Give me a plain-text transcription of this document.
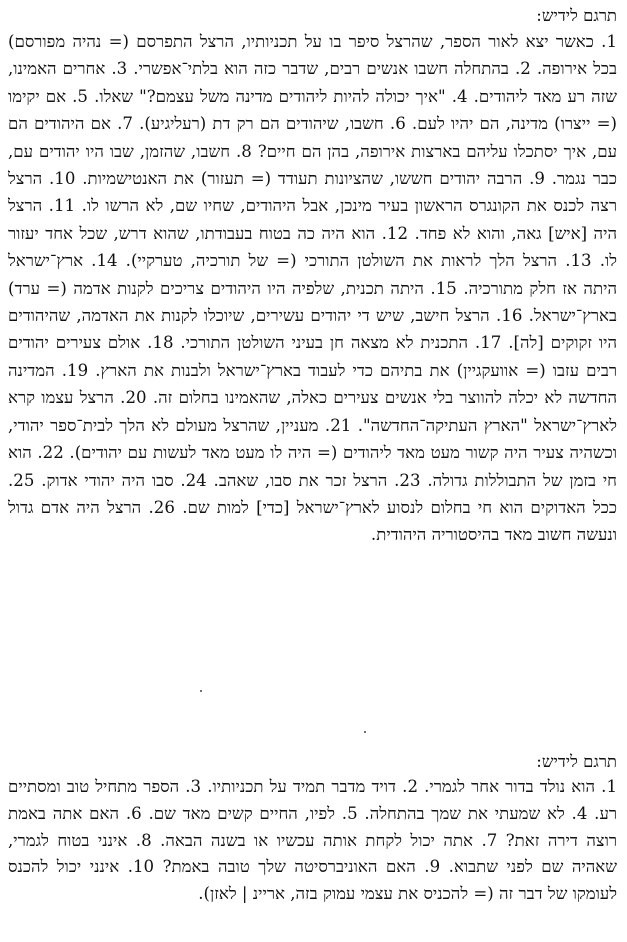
תרגם לידיש:

1. כאשר יצא לאור הספר, שהרצל סיפר בו על תכניותיו, הרצל התפרסם (= נהיה מפורסם) בכל אירופה. 2. בהתחלה חשבו אנשים רבים, שדבר כזה הוא בלתי־אפשרי. 3. אחרים האמינו, שזה רע מאד ליהודים. 4. "איך יכולה להיות ליהודים מדינה משל עצמם?" שאלו. 5. אם יקימו (= ייצרו) מדינה, הם יהיו לעם. 6. חשבו, שיהודים הם רק דת (רעליגיע). 7. אם היהודים הם עם, איך יסתכלו עליהם בארצות אירופה, בהן הם חיים? 8. חשבו, שהזמן, שבו היו יהודים עם, כבר נגמר. 9. הרבה יהודים חששו, שהציונות תעודד (= תעזור) את האנטישמיות. 10. הרצל רצה לכנס את הקונגרס הראשון בעיר מינכן, אבל היהודים, שחיו שם, לא הרשו לו. 11. הרצל היה [איש] גאה, והוא לא פחד. 12. הוא היה כה בטוח בעבודתו, שהוא דרש, שכל אחד יעזור לו. 13. הרצל הלך לראות את השולטן התורכי (= של תורכיה, טערקיי). 14. ארץ־ישראל היתה אז חלק מתורכיה. 15. היתה תכנית, שלפיה היו היהודים צריכים לקנות אדמה (= ערד) בארץ־ישראל. 16. הרצל חישב, שיש די יהודים עשירים, שיוכלו לקנות את האדמה, שהיהודים היו זקוקים [לה]. 17. התכנית לא מצאה חן בעיני השולטן התורכי. 18. אולם צעירים יהודים רבים עזבו (= אוועקגיין) את בתיהם כדי לעבוד בארץ־ישראל ולבנות את הארץ. 19. המדינה החדשה לא יכלה להווצר בלי אנשים צעירים כאלה, שהאמינו בחלום זה. 20. הרצל עצמו קרא לארץ־ישראל "הארץ העתיקה־החדשה". 21. מעניין, שהרצל מעולם לא הלך לבית־ספר יהודי, וכשהיה צעיר היה קשור מעט מאד ליהודים (= היה לו מעט מאד לעשות עם יהודים). 22. הוא חי בזמן של התבוללות גדולה. 23. הרצל זכר את סבו, שאהב. 24. סבו היה יהודי אדוק. 25. ככל האדוקים הוא חי בחלום לנסוע לארץ־ישראל [כדי] למות שם. 26. הרצל היה אדם גדול ונעשה חשוב מאד בהיסטוריה היהודית.

תרגם לידיש:

1. הוא נולד בדור אחר לגמרי. 2. דויד מדבר תמיד על תכניותיו. 3. הספר מתחיל טוב ומסתיים רע. 4. לא שמעתי את שמך בהתחלה. 5. לפיו, החיים קשים מאד שם. 6. האם אתה באמת רוצה דירה זאת? 7. אתה יכול לקחת אותה עכשיו או בשנה הבאה. 8. אינני בטוח לגמרי, שאהיה שם לפני שתבוא. 9. האם האוניברסיטה שלך טובה באמת? 10. אינני יכול להכנס לעומקו של דבר זה (= להכניס את עצמי עמוק בזה, אריינ | לאזן).
